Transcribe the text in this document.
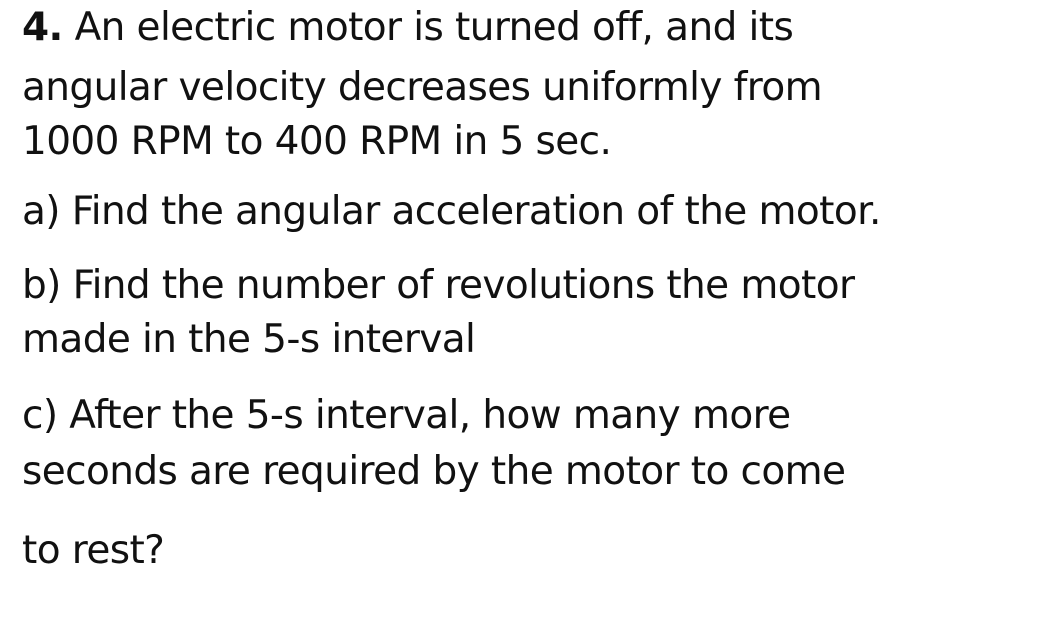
4. An electric motor is turned off, and its
angular velocity decreases uniformly from
1000 RPM to 400 RPM in 5 sec.
a) Find the angular acceleration of the motor.
b) Find the number of revolutions the motor
made in the 5-s interval
c) After the 5-s interval, how many more
seconds are required by the motor to come
to rest?
